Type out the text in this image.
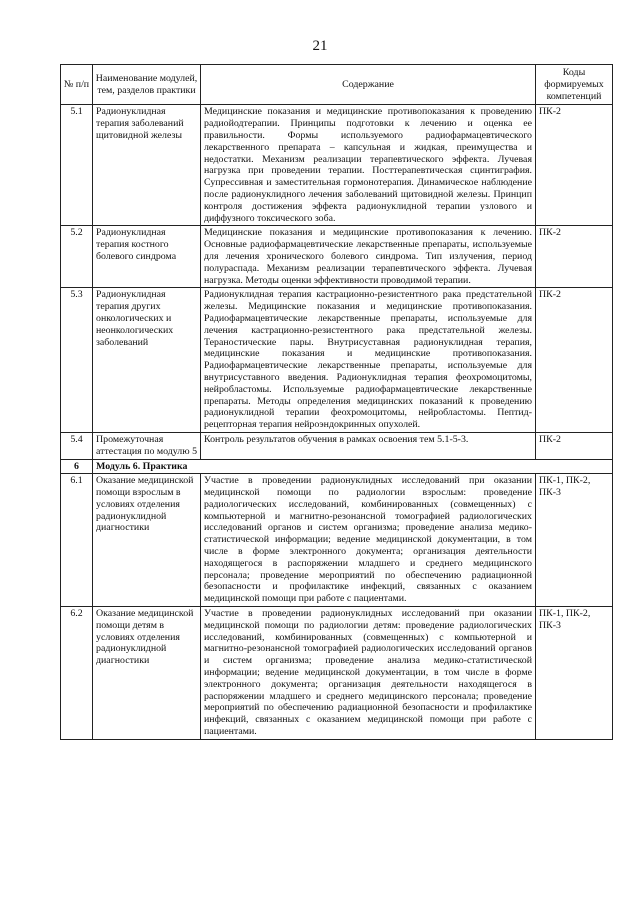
21
№ п/п	Наименование модулей, тем, разделов практики	Содержание	Коды формируемых компетенций
5.1	Радионуклидная терапия заболеваний щитовидной железы	Медицинские показания и медицинские противопоказания к проведению радиойодтерапии. Принципы подготовки к лечению и оценка ее правильности. Формы используемого радиофармацевтического лекарственного препарата – капсульная и жидкая, преимущества и недостатки. Механизм реализации терапевтического эффекта. Лучевая нагрузка при проведении терапии. Посттерапевтическая сцинтиграфия. Супрессивная и заместительная гормонотерапия. Динамическое наблюдение после радионуклидного лечения заболеваний щитовидной железы. Принцип контроля достижения эффекта радионуклидной терапии узлового и диффузного токсического зоба.	ПК-2
5.2	Радионуклидная терапия костного болевого синдрома	Медицинские показания и медицинские противопоказания к лечению. Основные радиофармацевтические лекарственные препараты, используемые для лечения хронического болевого синдрома. Тип излучения, период полураспада. Механизм реализации терапевтического эффекта. Лучевая нагрузка. Методы оценки эффективности проводимой терапии.	ПК-2
5.3	Радионуклидная терапия других онкологических и неонкологических заболеваний	Радионуклидная терапия кастрационно-резистентного рака предстательной железы. Медицинские показания и медицинские противопоказания. Радиофармацевтические лекарственные препараты, используемые для лечения кастрационно-резистентного рака предстательной железы. Тераностические пары. Внутрисуставная радионуклидная терапия, медицинские показания и медицинские противопоказания. Радиофармацевтические лекарственные препараты, используемые для внутрисуставного введения. Радионуклидная терапия феохромоцитомы, нейробластомы. Используемые радиофармацевтические лекарственные препараты. Методы определения медицинских показаний к проведению радионуклидной терапии феохромоцитомы, нейробластомы. Пептид-рецепторная терапия нейроэндокринных опухолей.	ПК-2
5.4	Промежуточная аттестация по модулю 5	Контроль результатов обучения в рамках освоения тем 5.1-5-3.	ПК-2
6	Модуль 6. Практика		
6.1	Оказание медицинской помощи взрослым в условиях отделения радионуклидной диагностики	Участие в проведении радионуклидных исследований при оказании медицинской помощи по радиологии взрослым: проведение радиологических исследований, комбинированных (совмещенных) с компьютерной и магнитно-резонансной томографией радиологических исследований органов и систем организма; проведение анализа медико-статистической информации; ведение медицинской документации, в том числе в форме электронного документа; организация деятельности находящегося в распоряжении младшего и среднего медицинского персонала; проведение мероприятий по обеспечению радиационной безопасности и профилактике инфекций, связанных с оказанием медицинской помощи при работе с пациентами.	ПК-1, ПК-2, ПК-3
6.2	Оказание медицинской помощи детям в условиях отделения радионуклидной диагностики	Участие в проведении радионуклидных исследований при оказании медицинской помощи по радиологии детям: проведение радиологических исследований, комбинированных (совмещенных) с компьютерной и магнитно-резонансной томографией радиологических исследований органов и систем организма; проведение анализа медико-статистической информации; ведение медицинской документации, в том числе в форме электронного документа; организация деятельности находящегося в распоряжении младшего и среднего медицинского персонала; проведение мероприятий по обеспечению радиационной безопасности и профилактике инфекций, связанных с оказанием медицинской помощи при работе с пациентами.	ПК-1, ПК-2, ПК-3
